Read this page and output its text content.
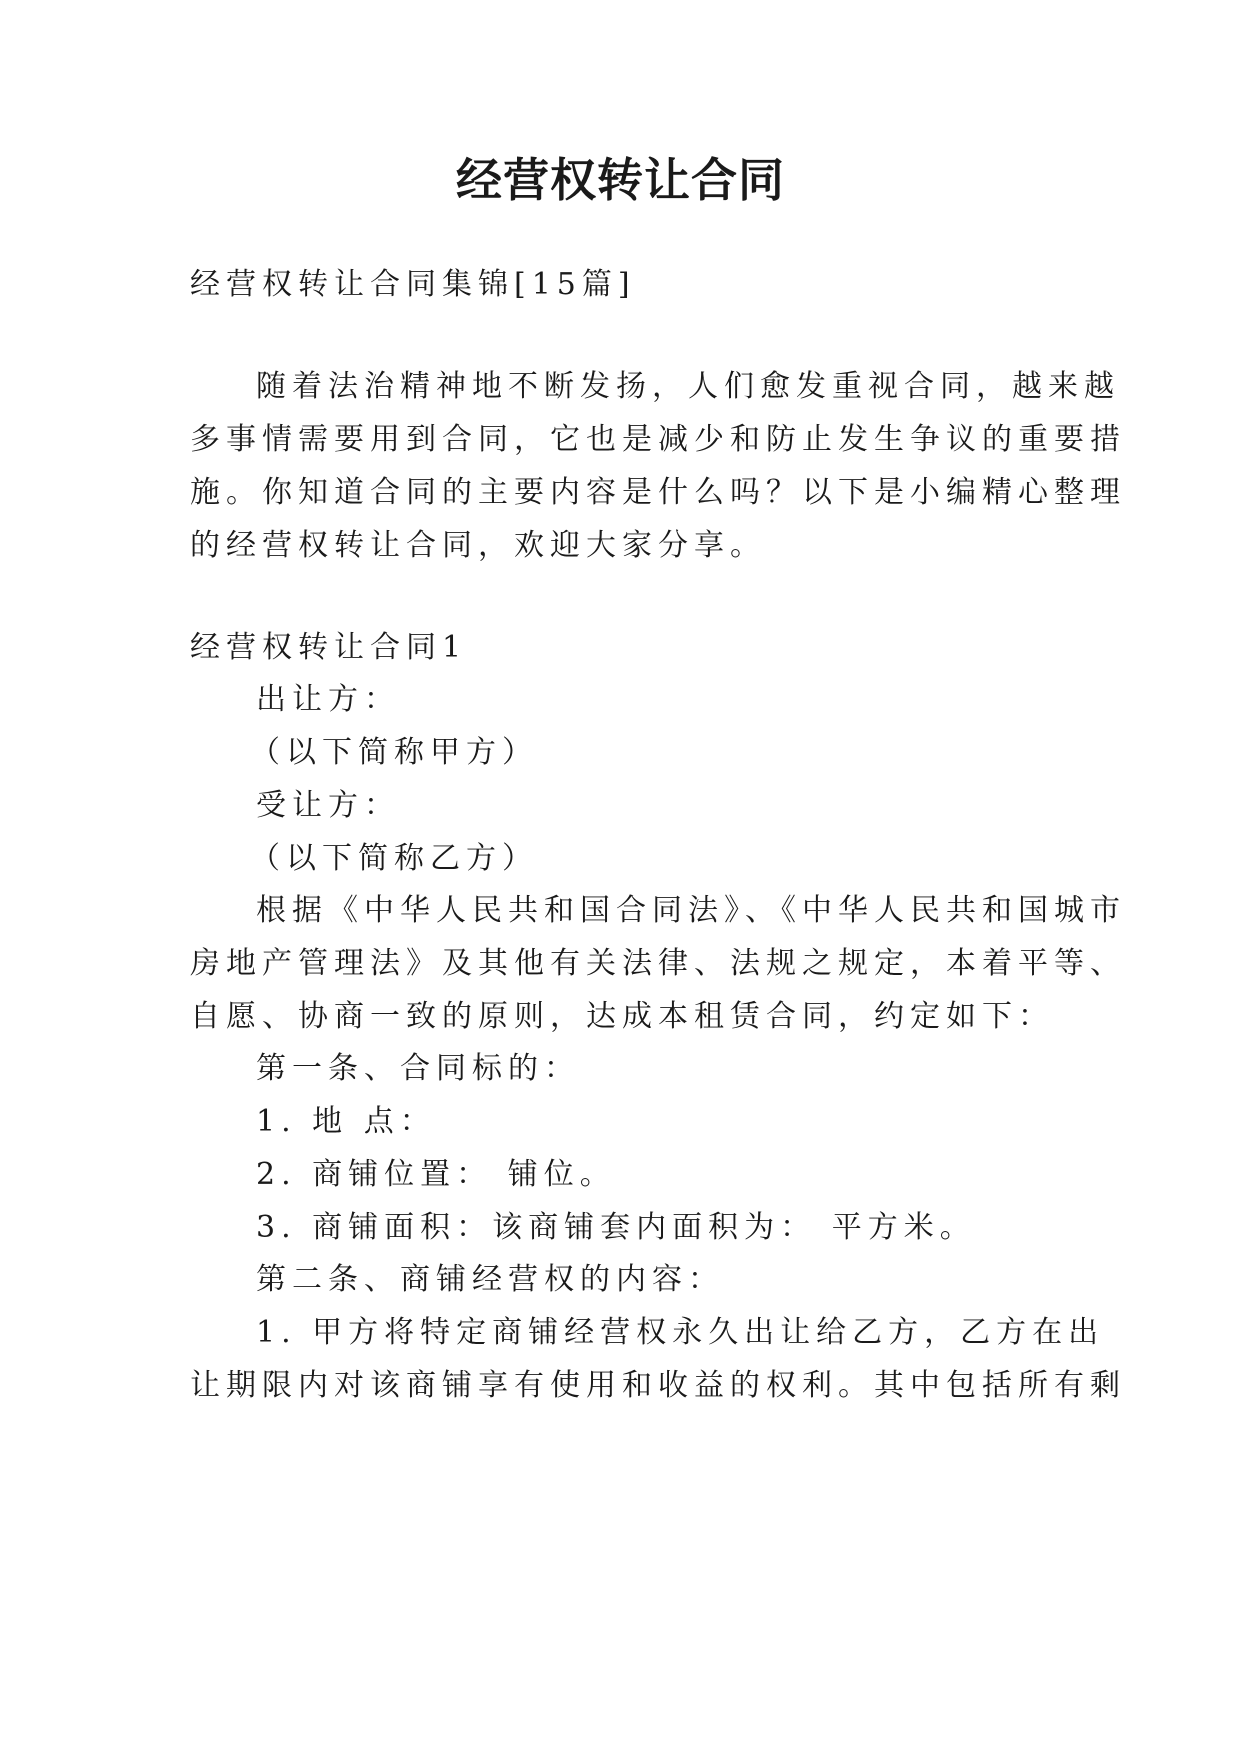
经营权转让合同
经营权转让合同集锦[15篇]
随着法治精神地不断发扬，人们愈发重视合同，越来越
多事情需要用到合同，它也是减少和防止发生争议的重要措
施。你知道合同的主要内容是什么吗？以下是小编精心整理
的经营权转让合同，欢迎大家分享。
经营权转让合同1
出让方：
（以下简称甲方）
受让方：
（以下简称乙方）
根据《中华人民共和国合同法》、《中华人民共和国城市
房地产管理法》及其他有关法律、法规之规定，本着平等、
自愿、协商一致的原则，达成本租赁合同，约定如下：
第一条、合同标的：
1. 地 点：
2. 商铺位置： 铺位。
3. 商铺面积：该商铺套内面积为： 平方米。
第二条、商铺经营权的内容：
1. 甲方将特定商铺经营权永久出让给乙方，乙方在出
让期限内对该商铺享有使用和收益的权利。其中包括所有剩
